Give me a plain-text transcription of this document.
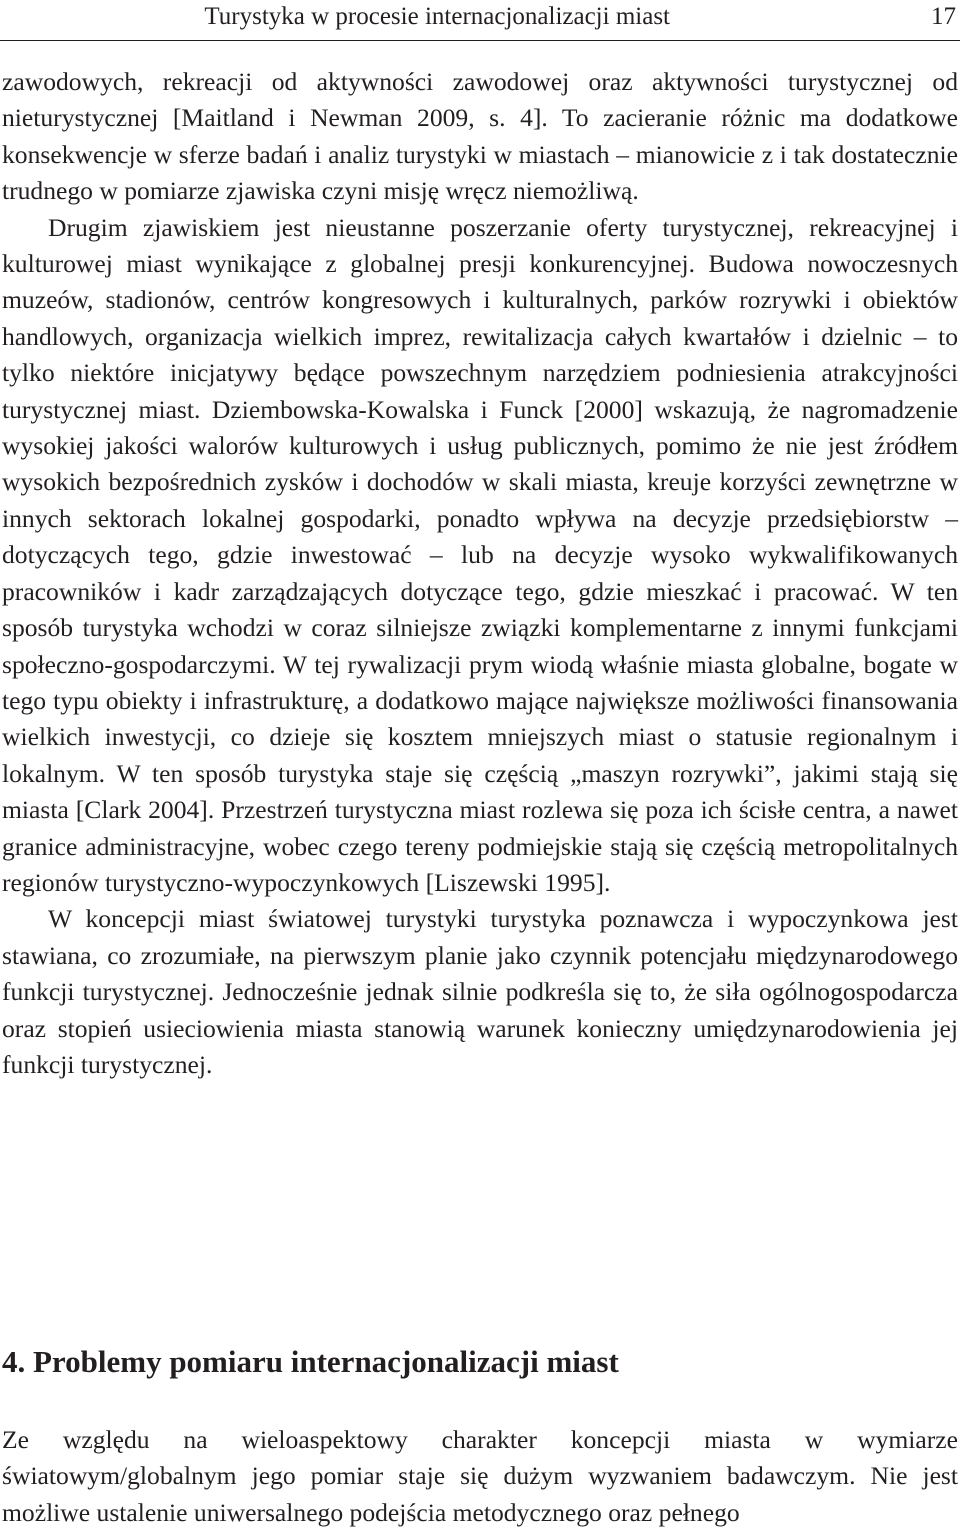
Turystyka w procesie internacjonalizacji miast	17

zawodowych, rekreacji od aktywności zawodowej oraz aktywności turystycznej od nieturystycznej [Maitland i Newman 2009, s. 4]. To zacieranie różnic ma dodatkowe konsekwencje w sferze badań i analiz turystyki w miastach – mianowicie z i tak dostatecznie trudnego w pomiarze zjawiska czyni misję wręcz niemożliwą.

Drugim zjawiskiem jest nieustanne poszerzanie oferty turystycznej, rekreacyjnej i kulturowej miast wynikające z globalnej presji konkurencyjnej. Budowa nowoczesnych muzeów, stadionów, centrów kongresowych i kulturalnych, parków rozrywki i obiektów handlowych, organizacja wielkich imprez, rewitalizacja całych kwartałów i dzielnic – to tylko niektóre inicjatywy będące powszechnym narzędziem podniesienia atrakcyjności turystycznej miast. Dziembowska-Kowalska i Funck [2000] wskazują, że nagromadzenie wysokiej jakości walorów kulturowych i usług publicznych, pomimo że nie jest źródłem wysokich bezpośrednich zysków i dochodów w skali miasta, kreuje korzyści zewnętrzne w innych sektorach lokalnej gospodarki, ponadto wpływa na decyzje przedsiębiorstw – dotyczących tego, gdzie inwestować – lub na decyzje wysoko wykwalifikowanych pracowników i kadr zarządzających dotyczące tego, gdzie mieszkać i pracować. W ten sposób turystyka wchodzi w coraz silniejsze związki komplementarne z innymi funkcjami społeczno-gospodarczymi. W tej rywalizacji prym wiodą właśnie miasta globalne, bogate w tego typu obiekty i infrastrukturę, a dodatkowo mające największe możliwości finansowania wielkich inwestycji, co dzieje się kosztem mniejszych miast o statusie regionalnym i lokalnym. W ten sposób turystyka staje się częścią „maszyn rozrywki”, jakimi stają się miasta [Clark 2004]. Przestrzeń turystyczna miast rozlewa się poza ich ścisłe centra, a nawet granice administracyjne, wobec czego tereny podmiejskie stają się częścią metropolitalnych regionów turystyczno-wypoczynkowych [Liszewski 1995].

W koncepcji miast światowej turystyki turystyka poznawcza i wypoczynkowa jest stawiana, co zrozumiałe, na pierwszym planie jako czynnik potencjału międzynarodowego funkcji turystycznej. Jednocześnie jednak silnie podkreśla się to, że siła ogólnogospodarcza oraz stopień usieciowienia miasta stanowią warunek konieczny umiędzynarodowienia jej funkcji turystycznej.

4. Problemy pomiaru internacjonalizacji miast

Ze względu na wieloaspektowy charakter koncepcji miasta w wymiarze światowym/globalnym jego pomiar staje się dużym wyzwaniem badawczym. Nie jest możliwe ustalenie uniwersalnego podejścia metodycznego oraz pełnego
